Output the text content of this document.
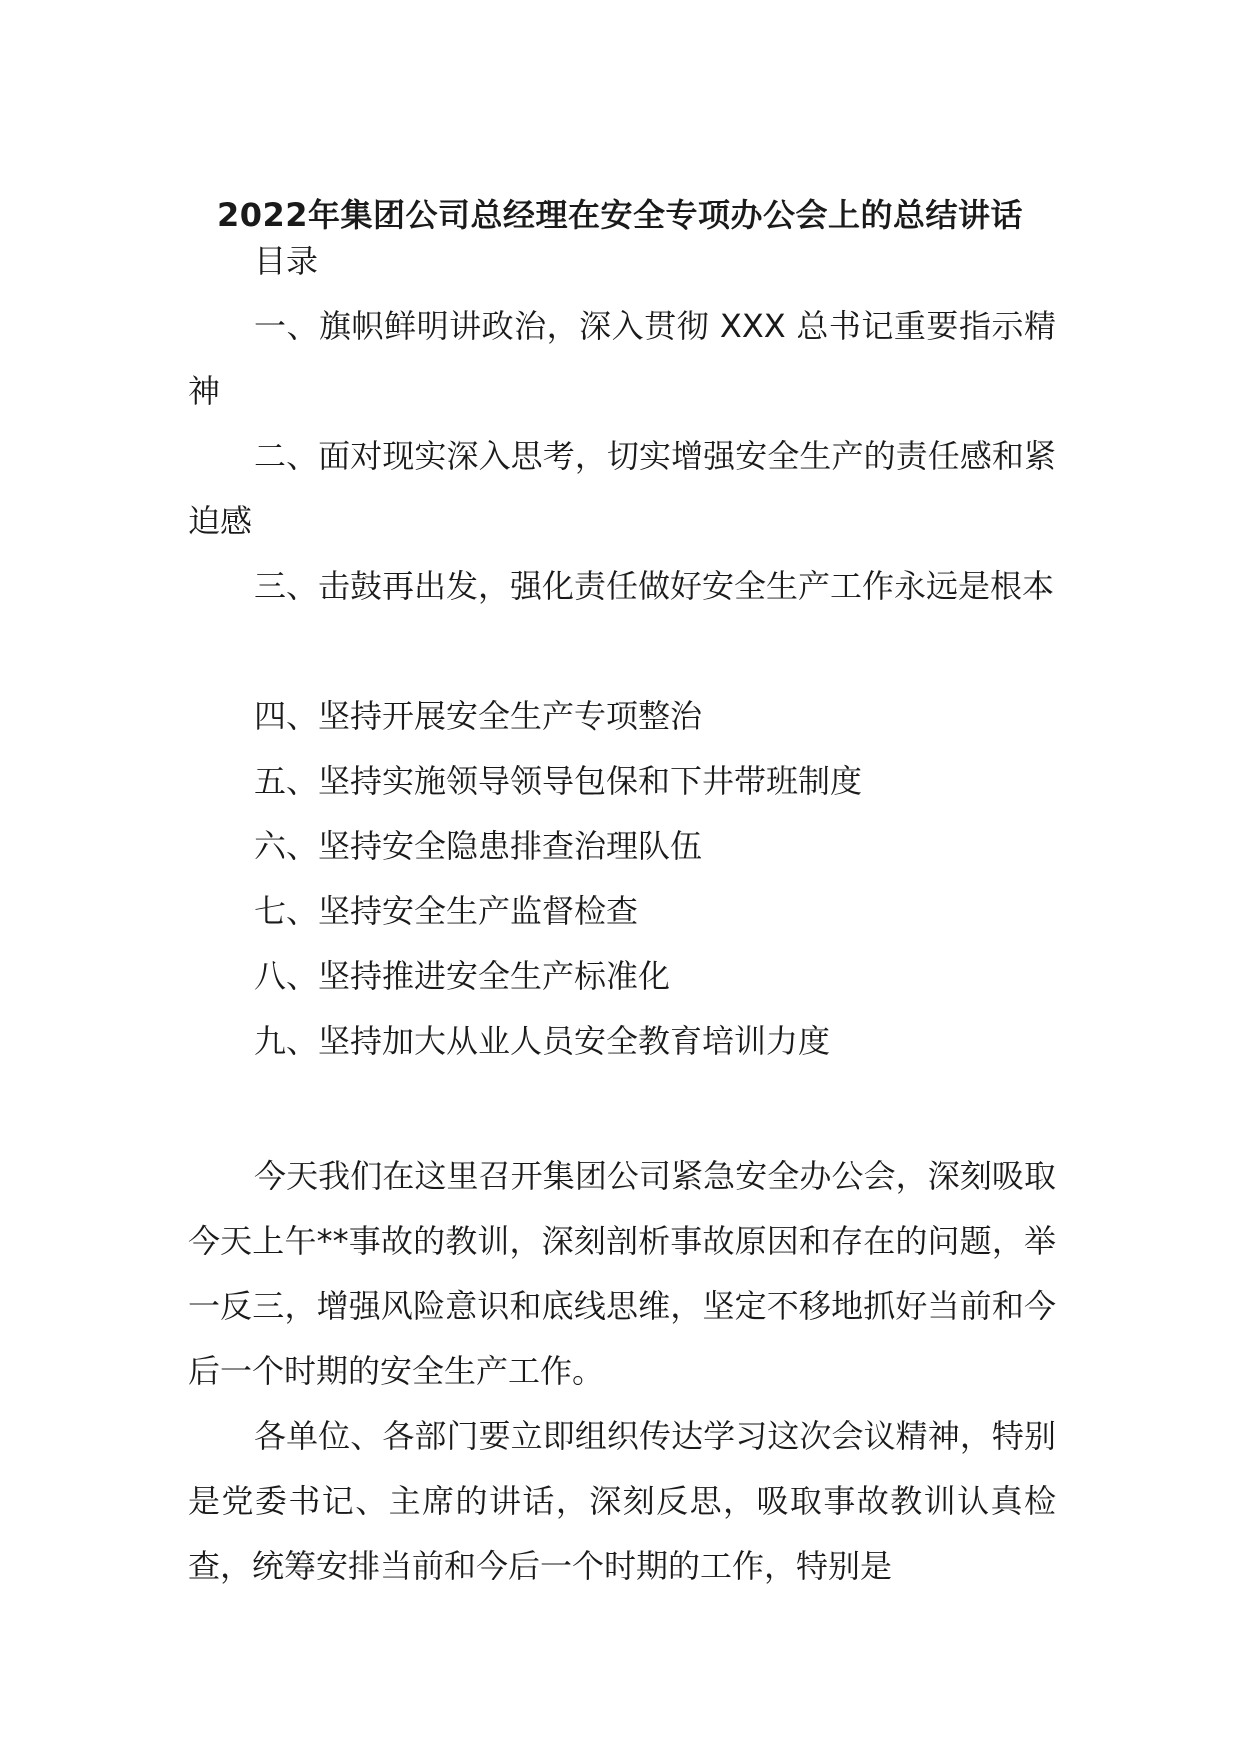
2022年集团公司总经理在安全专项办公会上的总结讲话

目录

一、旗帜鲜明讲政治，深入贯彻 XXX 总书记重要指示精神

二、面对现实深入思考，切实增强安全生产的责任感和紧迫感

三、击鼓再出发，强化责任做好安全生产工作永远是根本

四、坚持开展安全生产专项整治

五、坚持实施领导领导包保和下井带班制度

六、坚持安全隐患排查治理队伍

七、坚持安全生产监督检查

八、坚持推进安全生产标准化

九、坚持加大从业人员安全教育培训力度

今天我们在这里召开集团公司紧急安全办公会，深刻吸取今天上午**事故的教训，深刻剖析事故原因和存在的问题，举一反三，增强风险意识和底线思维，坚定不移地抓好当前和今后一个时期的安全生产工作。

各单位、各部门要立即组织传达学习这次会议精神，特别是党委书记、主席的讲话，深刻反思，吸取事故教训认真检查，统筹安排当前和今后一个时期的工作，特别是
